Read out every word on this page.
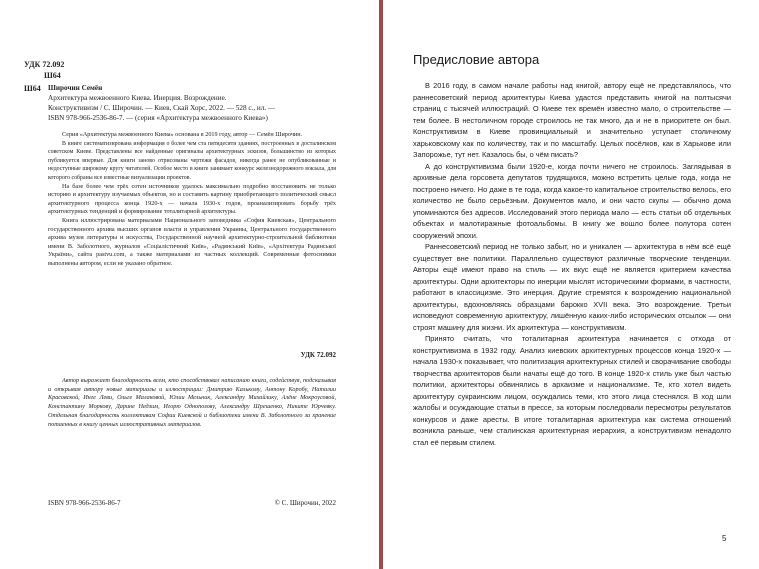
УДК 72.092
Ш64
Ш64 Широчин Семён
Архитектура межвоенного Киева. Инерция. Возрождение.
Конструктивизм / С. Широчин. — Киев, Скай Хорс, 2022. — 528 с., ил. —
ISBN 978-966-2536-86-7. — (серия «Архитектура межвоенного Киева»)

Серия «Архитектура межвоенного Киева» основана в 2019 году, автор — Семён Широчин.

В книге систематизирована информация о более чем ста пятидесяти зданиях, построенных в досталинском советском Киеве. Представлены все найденные оригиналы архитектурных эскизов, большинство из которых публикуется впервые. Для книги заново отрисованы чертежи фасадов, никогда ранее не опубликованные и недоступные широкому кругу читателей. Особое место в книге занимает конкурс железнодорожного вокзала, для которого собраны все известные визуализации проектов.

На базе более чем трёх сотен источников удалось максимально подробно восстановить не только историю и архитектуру изучаемых объектов, но и составить картину приобретающего политический смысл архитектурного процесса конца 1920-х — начала 1930-х годов, проанализировать борьбу трёх архитектурных тенденций и формирование тоталитарной архитектуры.

Книга иллюстрирована материалами Национального заповедника «София Киевская», Центрального государственного архива высших органов власти и управления Украины, Центрального государственного архива музея литературы и искусства, Государственной научной архитектурно-строительной библиотеки имени В. Заболотного, журналов «Соціалістичний Київ», «Радянський Київ», «Архітектура Радянської України», сайта pastvu.com, а также материалами из частных коллекций. Современные фотоснимки выполнены автором, если не указано обратное.

УДК 72.092
Автор выражает благодарность всем, кто способствовал написанию книги, содействуя, подсказывая и открывая автору новые материалы и иллюстрации: Дмитрию Калькому, Антону Коробу, Наталии Красовской, Инге Леви, Ольге Малаковой, Юлии Мельник, Александру Михайлику, Алёне Мокроусовой, Константину Моркову, Дарине Недзим, Игорю Однопозову, Александру Шрешенко, Никите Юрчевку. Отдельная благодарность коллективам Софии Киевской и библиотеки имени В. Заболотного за хранение потаенных в книгу ценных иллюстративных материалов.
ISBN 978-966-2536-86-7	© С. Широчин, 2022
Предисловие автора

В 2016 году, в самом начале работы над книгой, автору ещё не представлялось, что раннесоветский период архитектуры Киева удастся представить книгой на полтысячи страниц с тысячей иллюстраций. О Киеве тех времён известно мало, о строительстве — тем более. В нестоличном городе строилось не так много, да и не в приоритете он был. Конструктивизм в Киеве провинциальный и значительно уступает столичному харьковскому как по количеству, так и по масштабу. Целых посёлков, как в Харькове или Запорожье, тут нет. Казалось бы, о чём писать?

А до конструктивизма были 1920-е, когда почти ничего не строилось. Заглядывая в архивные дела горсовета депутатов трудящихся, можно встретить целые года, когда не построено ничего. Но даже в те года, когда какое-то капитальное строительство велось, его количество не было серьёзным. Документов мало, и они часто скупы — обычно дома упоминаются без адресов. Исследований этого периода мало — есть статьи об отдельных объектах и малотиражные фотоальбомы. В книгу же вошло более полутора сотен сооружений эпохи.

Раннесоветский период не только забыт, но и уникален — архитектура в нём всё ещё существует вне политики. Параллельно существуют различные творческие тенденции. Авторы ещё имеют право на стиль — их вкус ещё не является критерием качества архитектуры. Одни архитекторы по инерции мыслят историческими формами, в частности, работают в классицизме. Это инерция. Другие стремятся к возрождению национальной архитектуры, вдохновляясь образцами барокко XVII века. Это возрождение. Третьи исповедуют современную архитектуру, лишённую каких-либо исторических отсылок — они строят машину для жизни. Их архитектура — конструктивизм.

Принято считать, что тоталитарная архитектура начинается с отхода от конструктивизма в 1932 году. Анализ киевских архитектурных процессов конца 1920-х — начала 1930-х показывает, что политизация архитектурных стилей и сворачивание свободы творчества архитекторов были начаты ещё до того. В конце 1920-х стиль уже был частью политики, архитекторы обвинялись в архаизме и национализме. Те, кто хотел видеть архитектуру сукраинским лицом, осуждались теми, кто этого лица стеснялся. В ход шли жалобы и осуждающие статьи в прессе, за которым последовали пересмотры результатов конкурсов и даже аресты. В итоге тоталитарная архитектура как система отношений возникла раньше, чем сталинская архитектурная иерархия, а конструктивизм ненадолго стал её первым стилем.

5
